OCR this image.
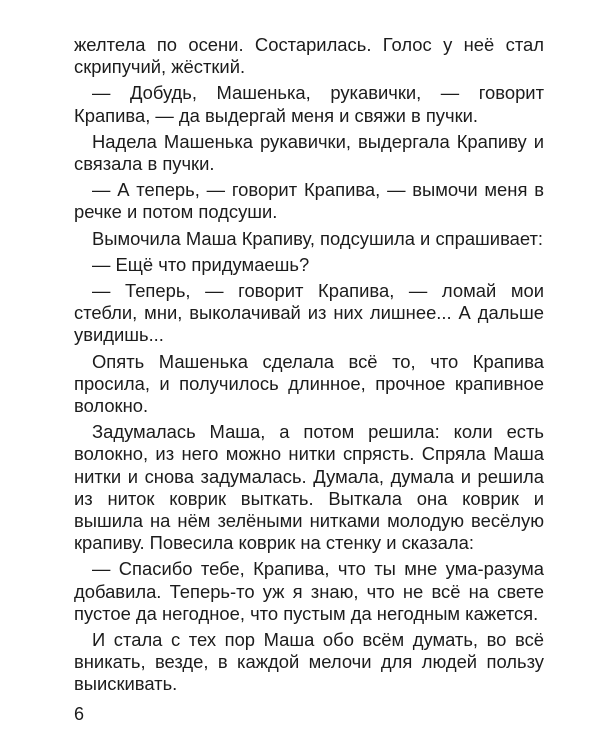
желтела по осени. Состарилась. Голос у неё стал скрипучий, жёсткий.

— Добудь, Машенька, рукавички, — говорит Крапива, — да выдергай меня и свяжи в пучки.

Надела Машенька рукавички, выдергала Крапиву и связала в пучки.

— А теперь, — говорит Крапива, — вымочи меня в речке и потом подсуши.

Вымочила Маша Крапиву, подсушила и спрашивает:

— Ещё что придумаешь?

— Теперь, — говорит Крапива, — ломай мои стебли, мни, выколачивай из них лишнее... А дальше увидишь...

Опять Машенька сделала всё то, что Крапива просила, и получилось длинное, прочное крапивное волокно.

Задумалась Маша, а потом решила: коли есть волокно, из него можно нитки спрясть. Спряла Маша нитки и снова задумалась. Думала, думала и решила из ниток коврик выткать. Выткала она коврик и вышила на нём зелёными нитками молодую весёлую крапиву. Повесила коврик на стенку и сказала:

— Спасибо тебе, Крапива, что ты мне ума-разума добавила. Теперь-то уж я знаю, что не всё на свете пустое да негодное, что пустым да негодным кажется.

И стала с тех пор Маша обо всём думать, во всё вникать, везде, в каждой мелочи для людей пользу выискивать.

6
